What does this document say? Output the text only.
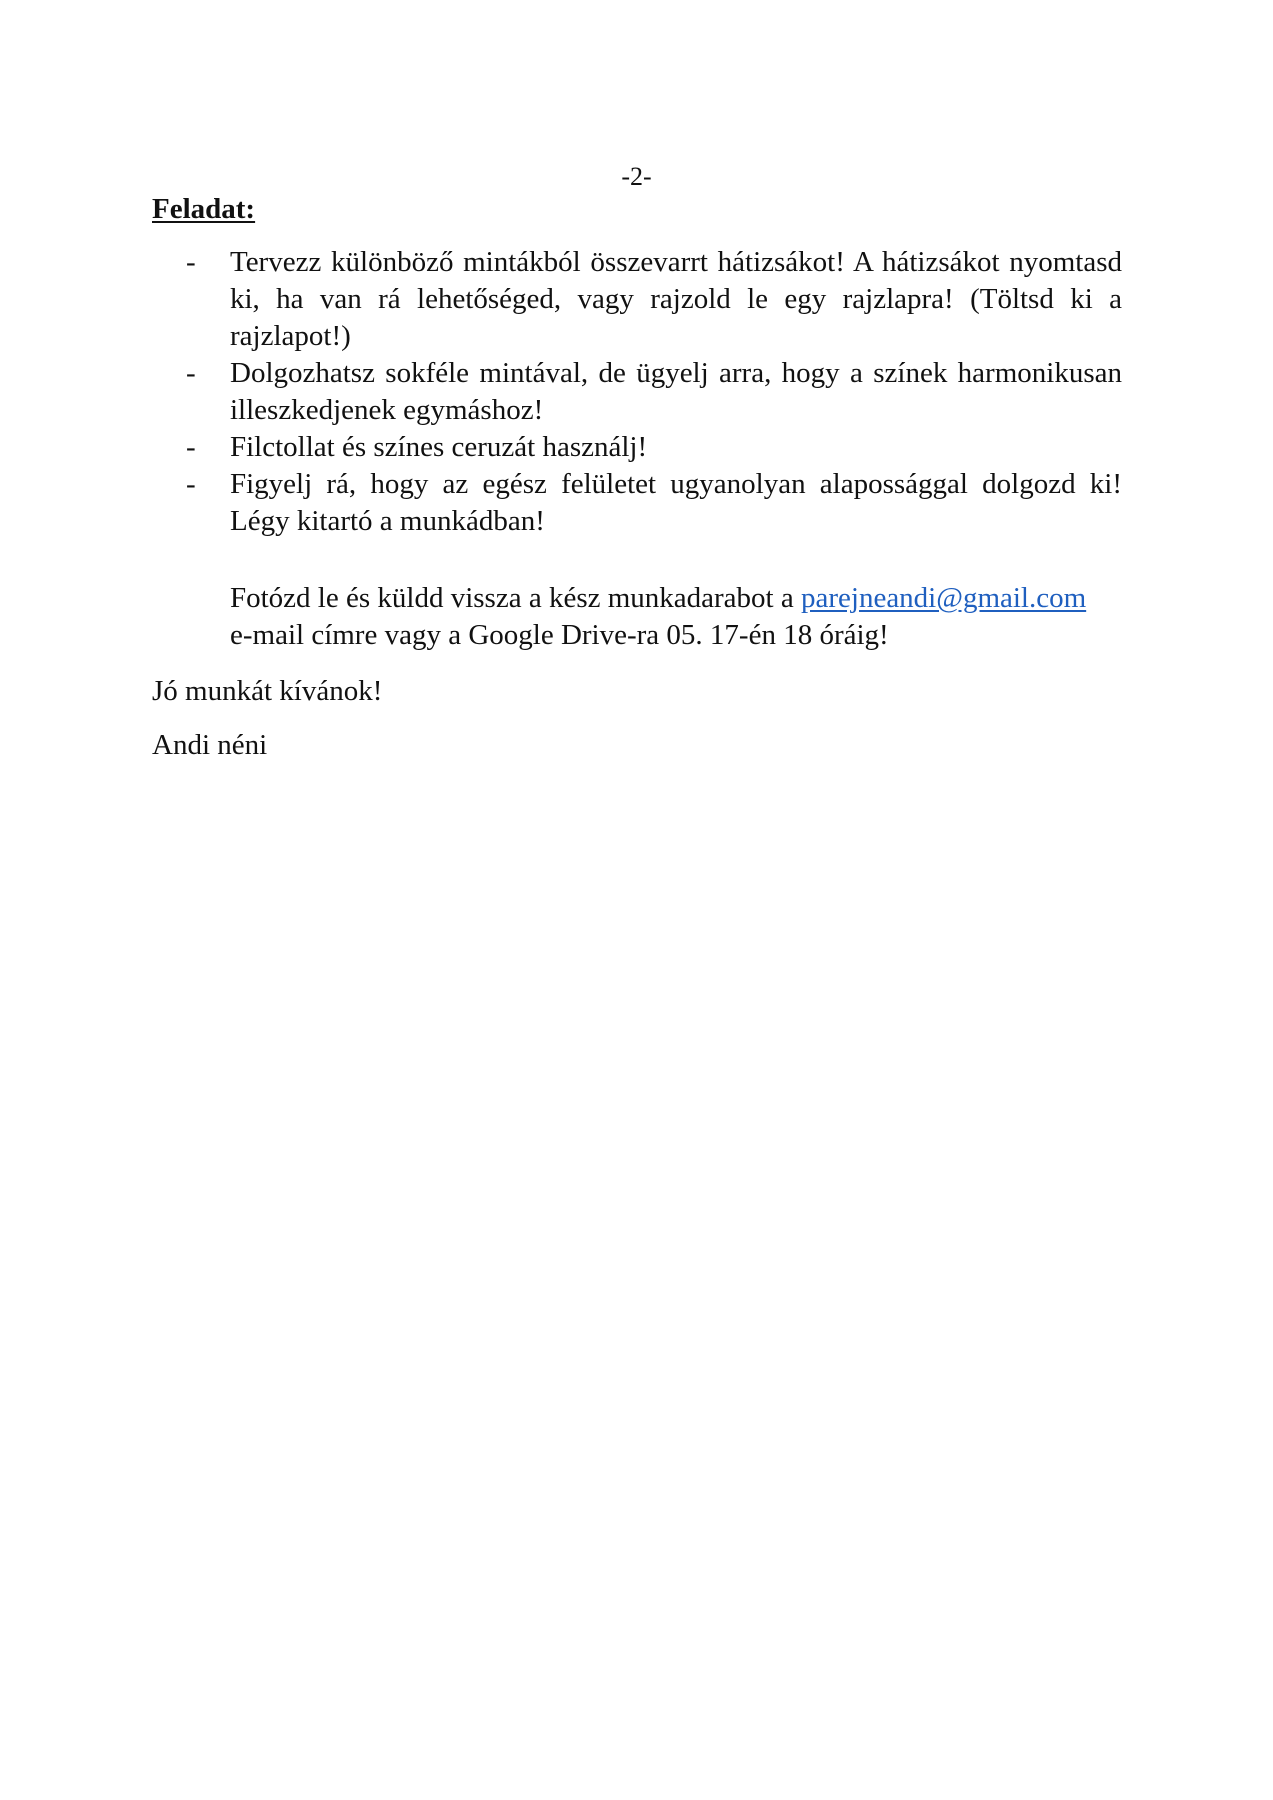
-2-
Feladat:
- Tervezz különböző mintákból összevarrt hátizsákot! A hátizsákot nyomtasd ki, ha van rá lehetőséged, vagy rajzold le egy rajzlapra! (Töltsd ki a rajzlapot!)
- Dolgozhatsz sokféle mintával, de ügyelj arra, hogy a színek harmonikusan illeszkedjenek egymáshoz!
- Filctollat és színes ceruzát használj!
- Figyelj rá, hogy az egész felületet ugyanolyan alapossággal dolgozd ki! Légy kitartó a munkádban!
Fotózd le és küldd vissza a kész munkadarabot a parejneandi@gmail.com
e-mail címre vagy a Google Drive-ra 05. 17-én 18 óráig!
Jó munkát kívánok!
Andi néni
